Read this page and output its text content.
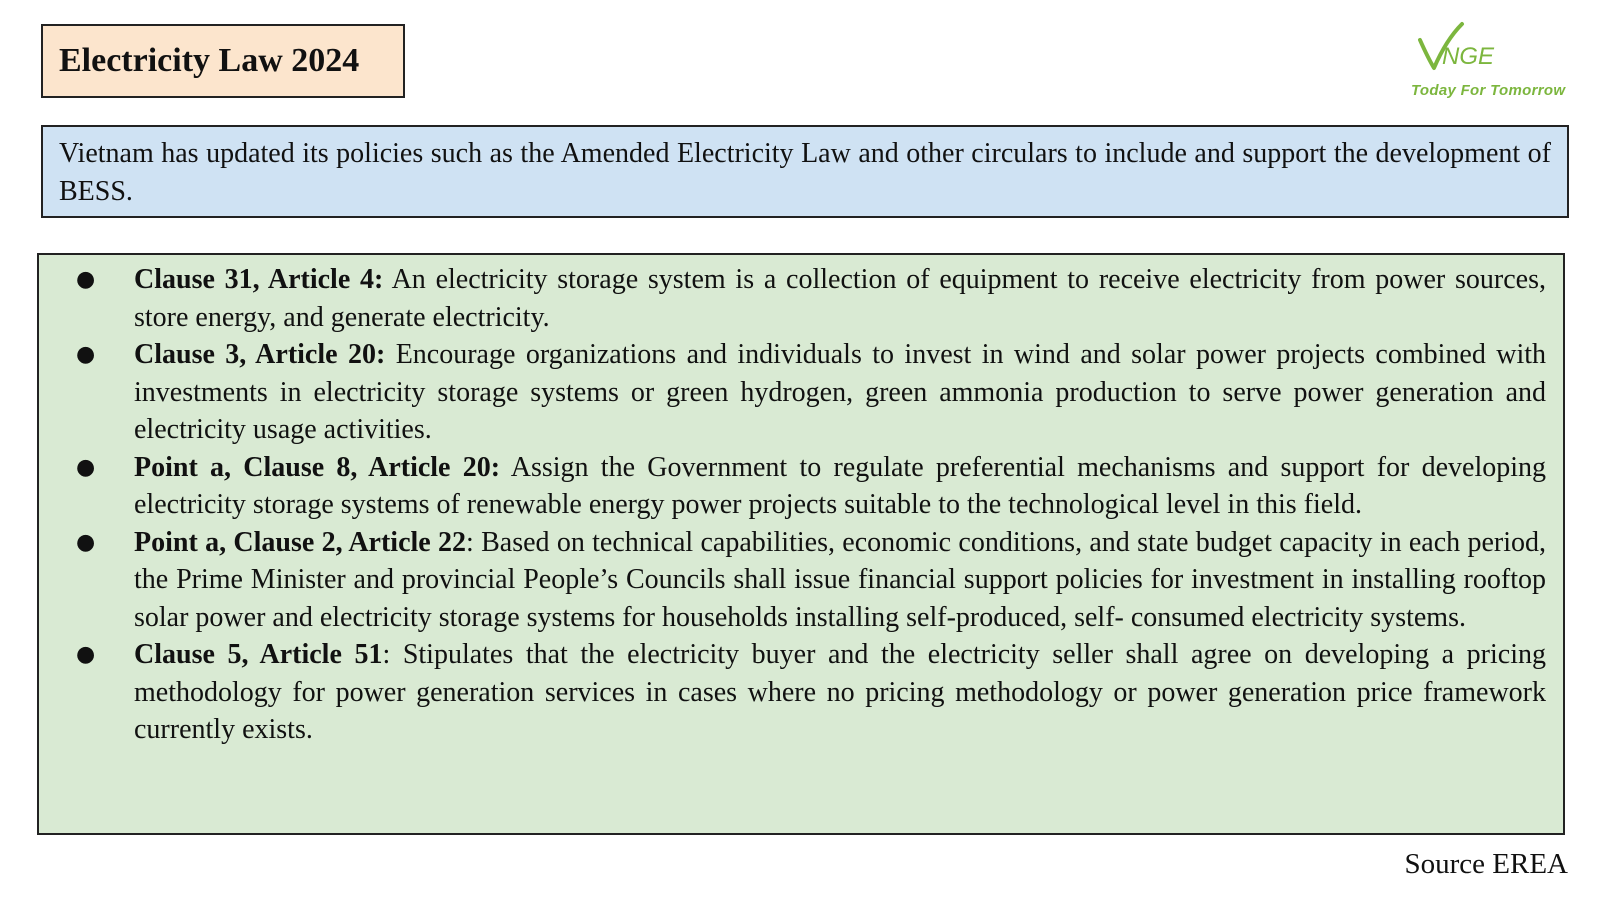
Electricity Law 2024	NGE
Today For Tomorrow
Vietnam has updated its policies such as the Amended Electricity Law and other circulars to include and support the development of BESS.
● Clause 31, Article 4: An electricity storage system is a collection of equipment to receive electricity from power sources, store energy, and generate electricity.
● Clause 3, Article 20: Encourage organizations and individuals to invest in wind and solar power projects combined with investments in electricity storage systems or green hydrogen, green ammonia production to serve power generation and electricity usage activities.
● Point a, Clause 8, Article 20: Assign the Government to regulate preferential mechanisms and support for developing electricity storage systems of renewable energy power projects suitable to the technological level in this field.
● Point a, Clause 2, Article 22: Based on technical capabilities, economic conditions, and state budget capacity in each period, the Prime Minister and provincial People’s Councils shall issue financial support policies for investment in installing rooftop solar power and electricity storage systems for households installing self-produced, self- consumed electricity systems.
● Clause 5, Article 51: Stipulates that the electricity buyer and the electricity seller shall agree on developing a pricing methodology for power generation services in cases where no pricing methodology or power generation price framework currently exists.
Source EREA
